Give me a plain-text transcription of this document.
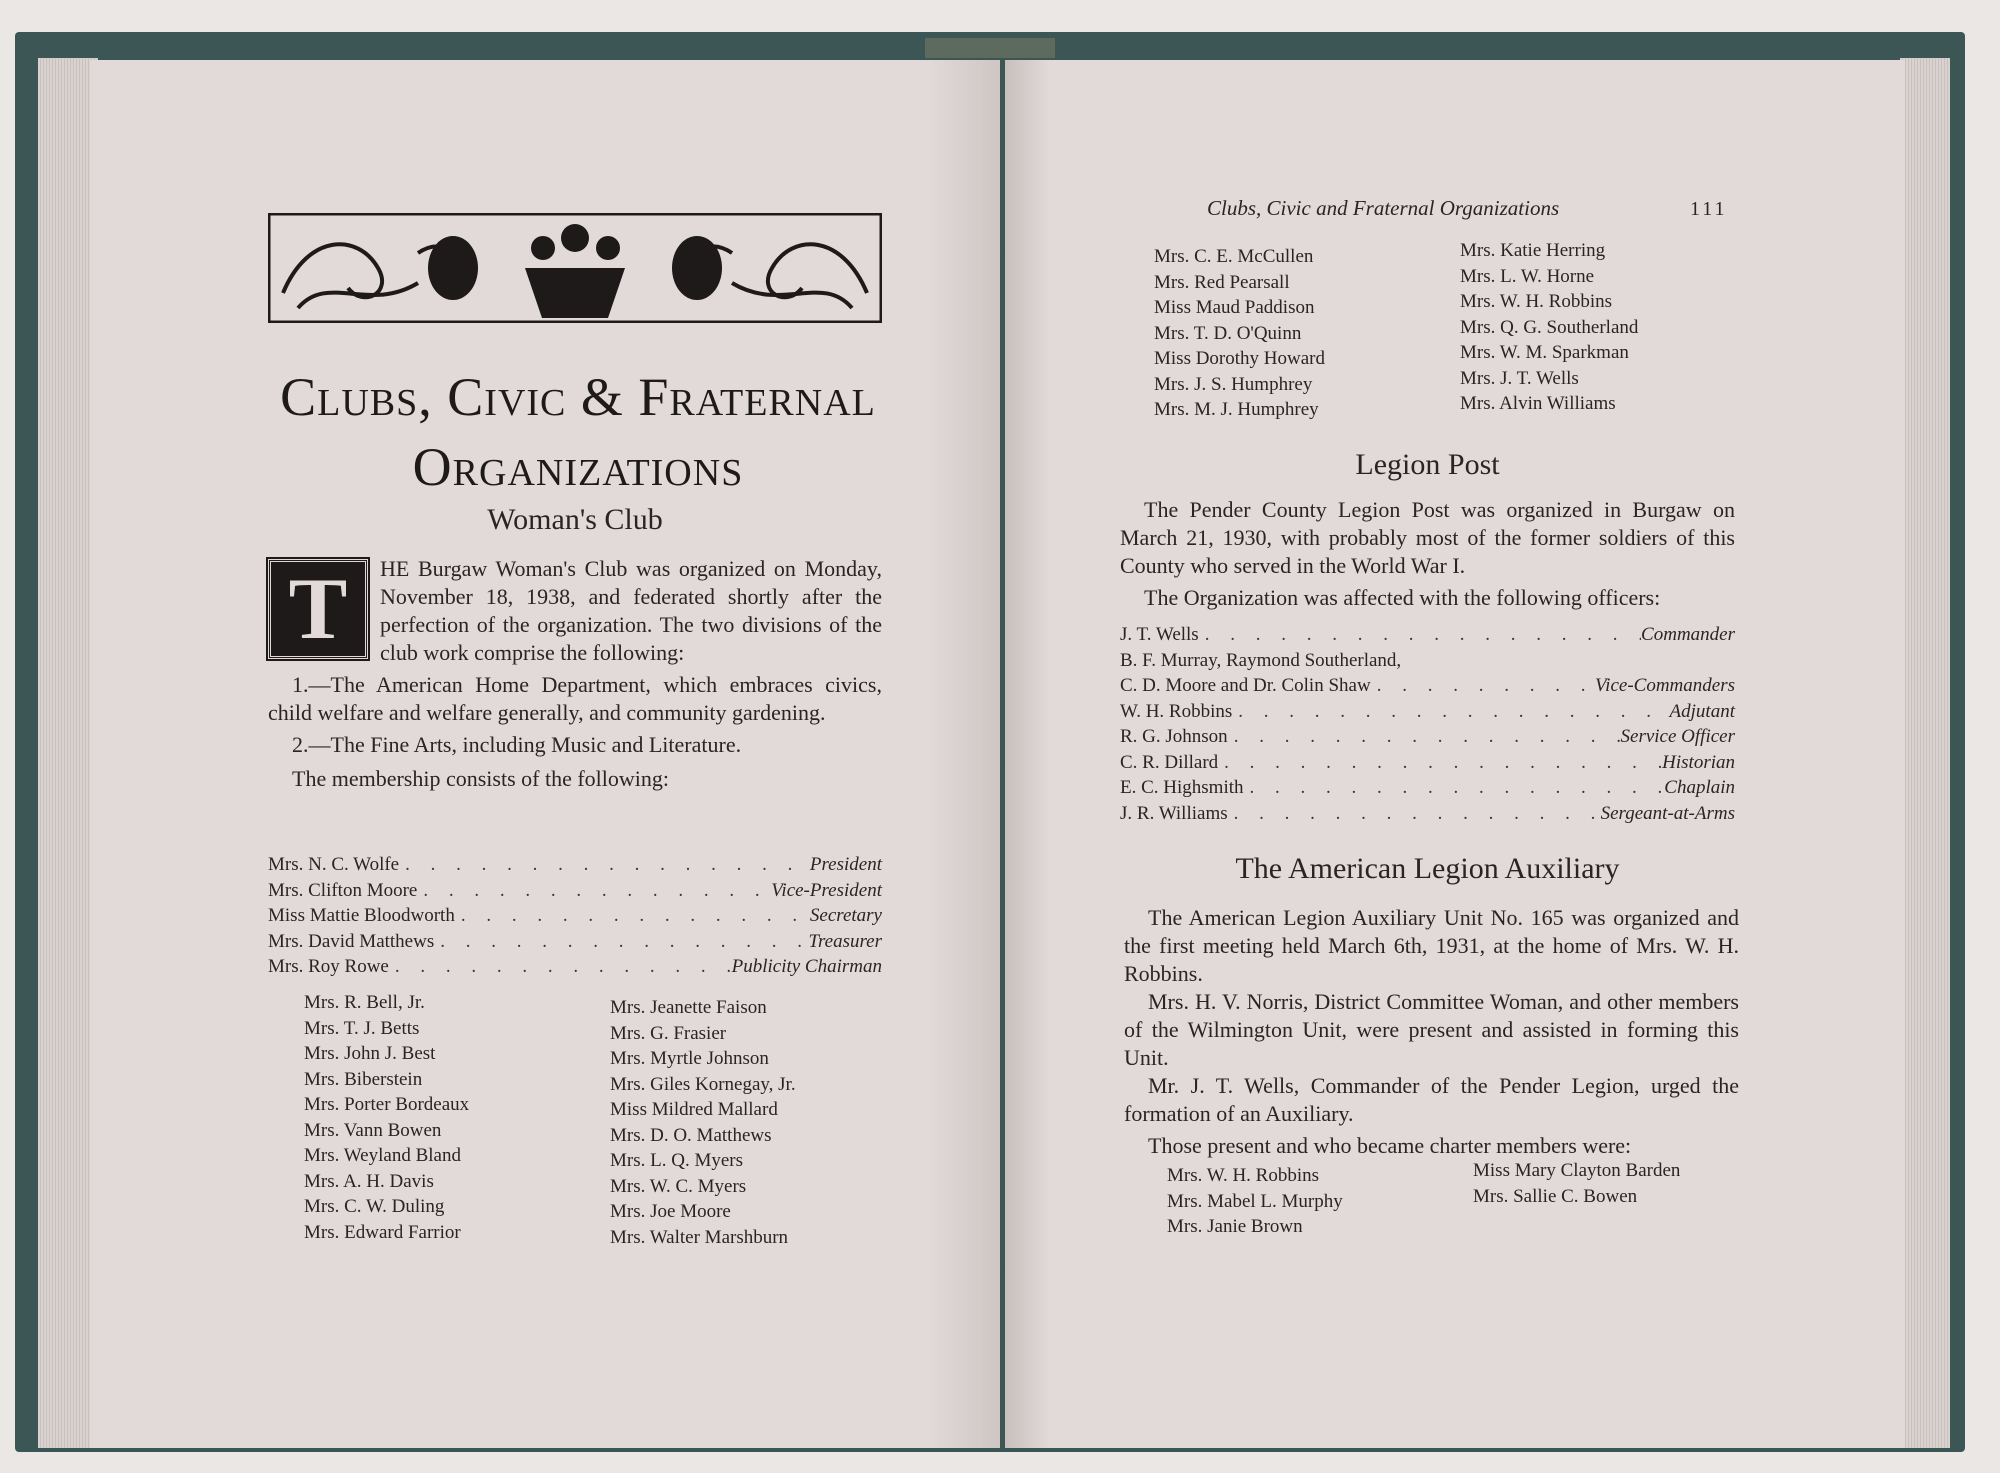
Clubs, Civic & Fraternal
Organizations
Woman's Club
T	HE Burgaw Woman's Club was organized on Monday, November 18, 1938, and federated shortly after the perfection of the organization. The two divisions of the club work comprise the following:

1.—The American Home Department, which embraces civics, child welfare and welfare generally, and community gardening.

2.—The Fine Arts, including Music and Literature.

The membership consists of the following:

Mrs. N. C. Wolfe . . .	President
Mrs. Clifton Moore . . .	Vice-President
Miss Mattie Bloodworth . . .	Secretary
Mrs. David Matthews . . .	Treasurer
Mrs. Roy Rowe . . .	Publicity Chairman
Mrs. R. Bell, Jr.
Mrs. T. J. Betts
Mrs. John J. Best
Mrs. Biberstein
Mrs. Porter Bordeaux
Mrs. Vann Bowen
Mrs. Weyland Bland
Mrs. A. H. Davis
Mrs. C. W. Duling
Mrs. Edward Farrior
Mrs. Jeanette Faison
Mrs. G. Frasier
Mrs. Myrtle Johnson
Mrs. Giles Kornegay, Jr.
Miss Mildred Mallard
Mrs. D. O. Matthews
Mrs. L. Q. Myers
Mrs. W. C. Myers
Mrs. Joe Moore
Mrs. Walter Marshburn
Clubs, Civic and Fraternal Organizations	111
Mrs. C. E. McCullen
Mrs. Red Pearsall
Miss Maud Paddison
Mrs. T. D. O'Quinn
Miss Dorothy Howard
Mrs. J. S. Humphrey
Mrs. M. J. Humphrey
Mrs. Katie Herring
Mrs. L. W. Horne
Mrs. W. H. Robbins
Mrs. Q. G. Southerland
Mrs. W. M. Sparkman
Mrs. J. T. Wells
Mrs. Alvin Williams
Legion Post

The Pender County Legion Post was organized in Burgaw on March 21, 1930, with probably most of the former soldiers of this County who served in the World War I.

The Organization was affected with the following officers:

J. T. Wells . . .	Commander
B. F. Murray, Raymond Southerland,
C. D. Moore and Dr. Colin Shaw . . .	Vice-Commanders
W. H. Robbins . . .	Adjutant
R. G. Johnson . . .	Service Officer
C. R. Dillard . . .	Historian
E. C. Highsmith . . .	Chaplain
J. R. Williams . . .	Sergeant-at-Arms
The American Legion Auxiliary

The American Legion Auxiliary Unit No. 165 was organized and the first meeting held March 6th, 1931, at the home of Mrs. W. H. Robbins.

Mrs. H. V. Norris, District Committee Woman, and other members of the Wilmington Unit, were present and assisted in forming this Unit.

Mr. J. T. Wells, Commander of the Pender Legion, urged the formation of an Auxiliary.

Those present and who became charter members were:

Mrs. W. H. Robbins
Mrs. Mabel L. Murphy
Mrs. Janie Brown
Miss Mary Clayton Barden
Mrs. Sallie C. Bowen
